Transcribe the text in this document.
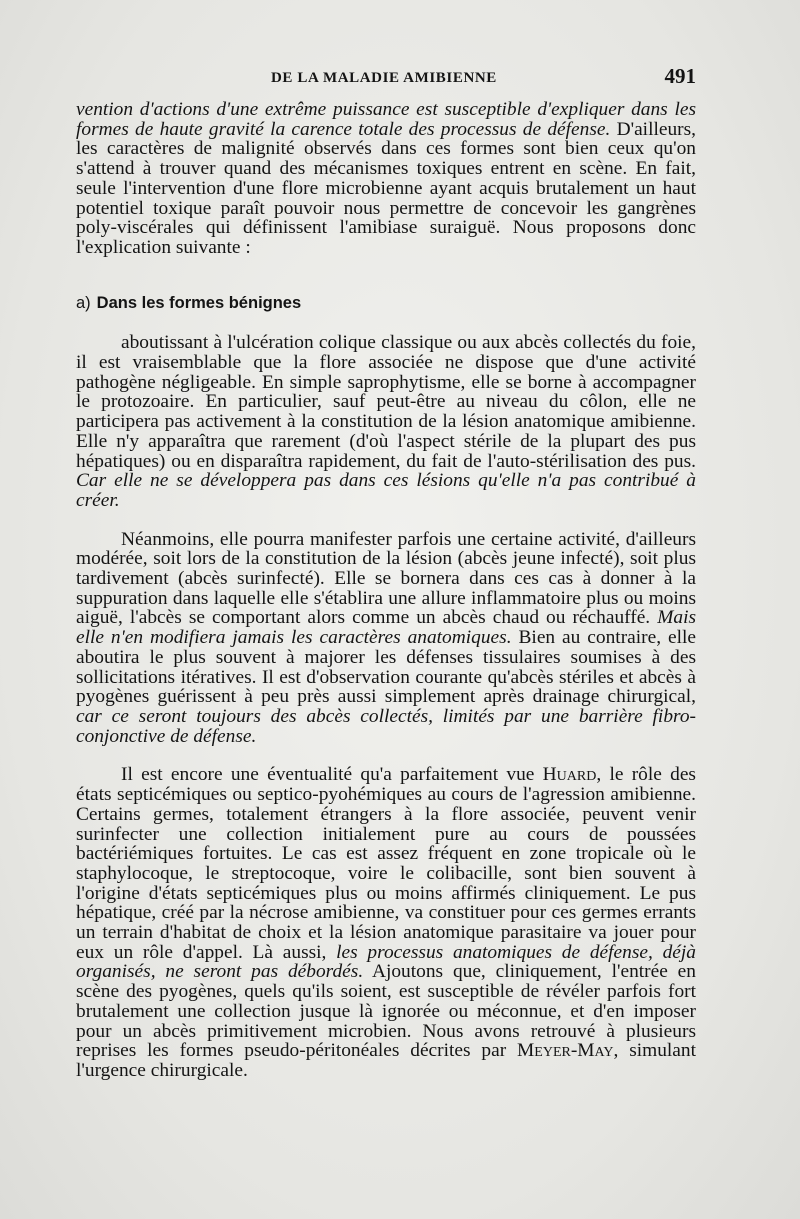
DE LA MALADIE AMIBIENNE	491

vention d'actions d'une extrême puissance est susceptible d'expliquer dans les formes de haute gravité la carence totale des processus de défense. D'ailleurs, les caractères de malignité observés dans ces formes sont bien ceux qu'on s'attend à trouver quand des mécanismes toxiques entrent en scène. En fait, seule l'intervention d'une flore microbienne ayant acquis brutalement un haut potentiel toxique paraît pouvoir nous permettre de concevoir les gangrènes poly-viscérales qui définissent l'amibiase suraiguë. Nous proposons donc l'explication suivante :

a) Dans les formes bénignes

aboutissant à l'ulcération colique classique ou aux abcès collectés du foie, il est vraisemblable que la flore associée ne dispose que d'une activité pathogène négligeable. En simple saprophytisme, elle se borne à accompagner le protozoaire. En particulier, sauf peut-être au niveau du côlon, elle ne participera pas activement à la constitution de la lésion anatomique amibienne. Elle n'y apparaîtra que rarement (d'où l'aspect stérile de la plupart des pus hépatiques) ou en disparaîtra rapidement, du fait de l'auto-stérilisation des pus. Car elle ne se développera pas dans ces lésions qu'elle n'a pas contribué à créer.

Néanmoins, elle pourra manifester parfois une certaine activité, d'ailleurs modérée, soit lors de la constitution de la lésion (abcès jeune infecté), soit plus tardivement (abcès surinfecté). Elle se bornera dans ces cas à donner à la suppuration dans laquelle elle s'établira une allure inflammatoire plus ou moins aiguë, l'abcès se comportant alors comme un abcès chaud ou réchauffé. Mais elle n'en modifiera jamais les caractères anatomiques. Bien au contraire, elle aboutira le plus souvent à majorer les défenses tissulaires soumises à des sollicitations itératives. Il est d'observation courante qu'abcès stériles et abcès à pyogènes guérissent à peu près aussi simplement après drainage chirurgical, car ce seront toujours des abcès collectés, limités par une barrière fibro-conjonctive de défense.

Il est encore une éventualité qu'a parfaitement vue Huard, le rôle des états septicémiques ou septico-pyohémiques au cours de l'agression amibienne. Certains germes, totalement étrangers à la flore associée, peuvent venir surinfecter une collection initialement pure au cours de poussées bactériémiques fortuites. Le cas est assez fréquent en zone tropicale où le staphylocoque, le streptocoque, voire le colibacille, sont bien souvent à l'origine d'états septicémiques plus ou moins affirmés cliniquement. Le pus hépatique, créé par la nécrose amibienne, va constituer pour ces germes errants un terrain d'habitat de choix et la lésion anatomique parasitaire va jouer pour eux un rôle d'appel. Là aussi, les processus anatomiques de défense, déjà organisés, ne seront pas débordés. Ajoutons que, cliniquement, l'entrée en scène des pyogènes, quels qu'ils soient, est susceptible de révéler parfois fort brutalement une collection jusque là ignorée ou méconnue, et d'en imposer pour un abcès primitivement microbien. Nous avons retrouvé à plusieurs reprises les formes pseudo-péritonéales décrites par Meyer-May, simulant l'urgence chirurgicale.
